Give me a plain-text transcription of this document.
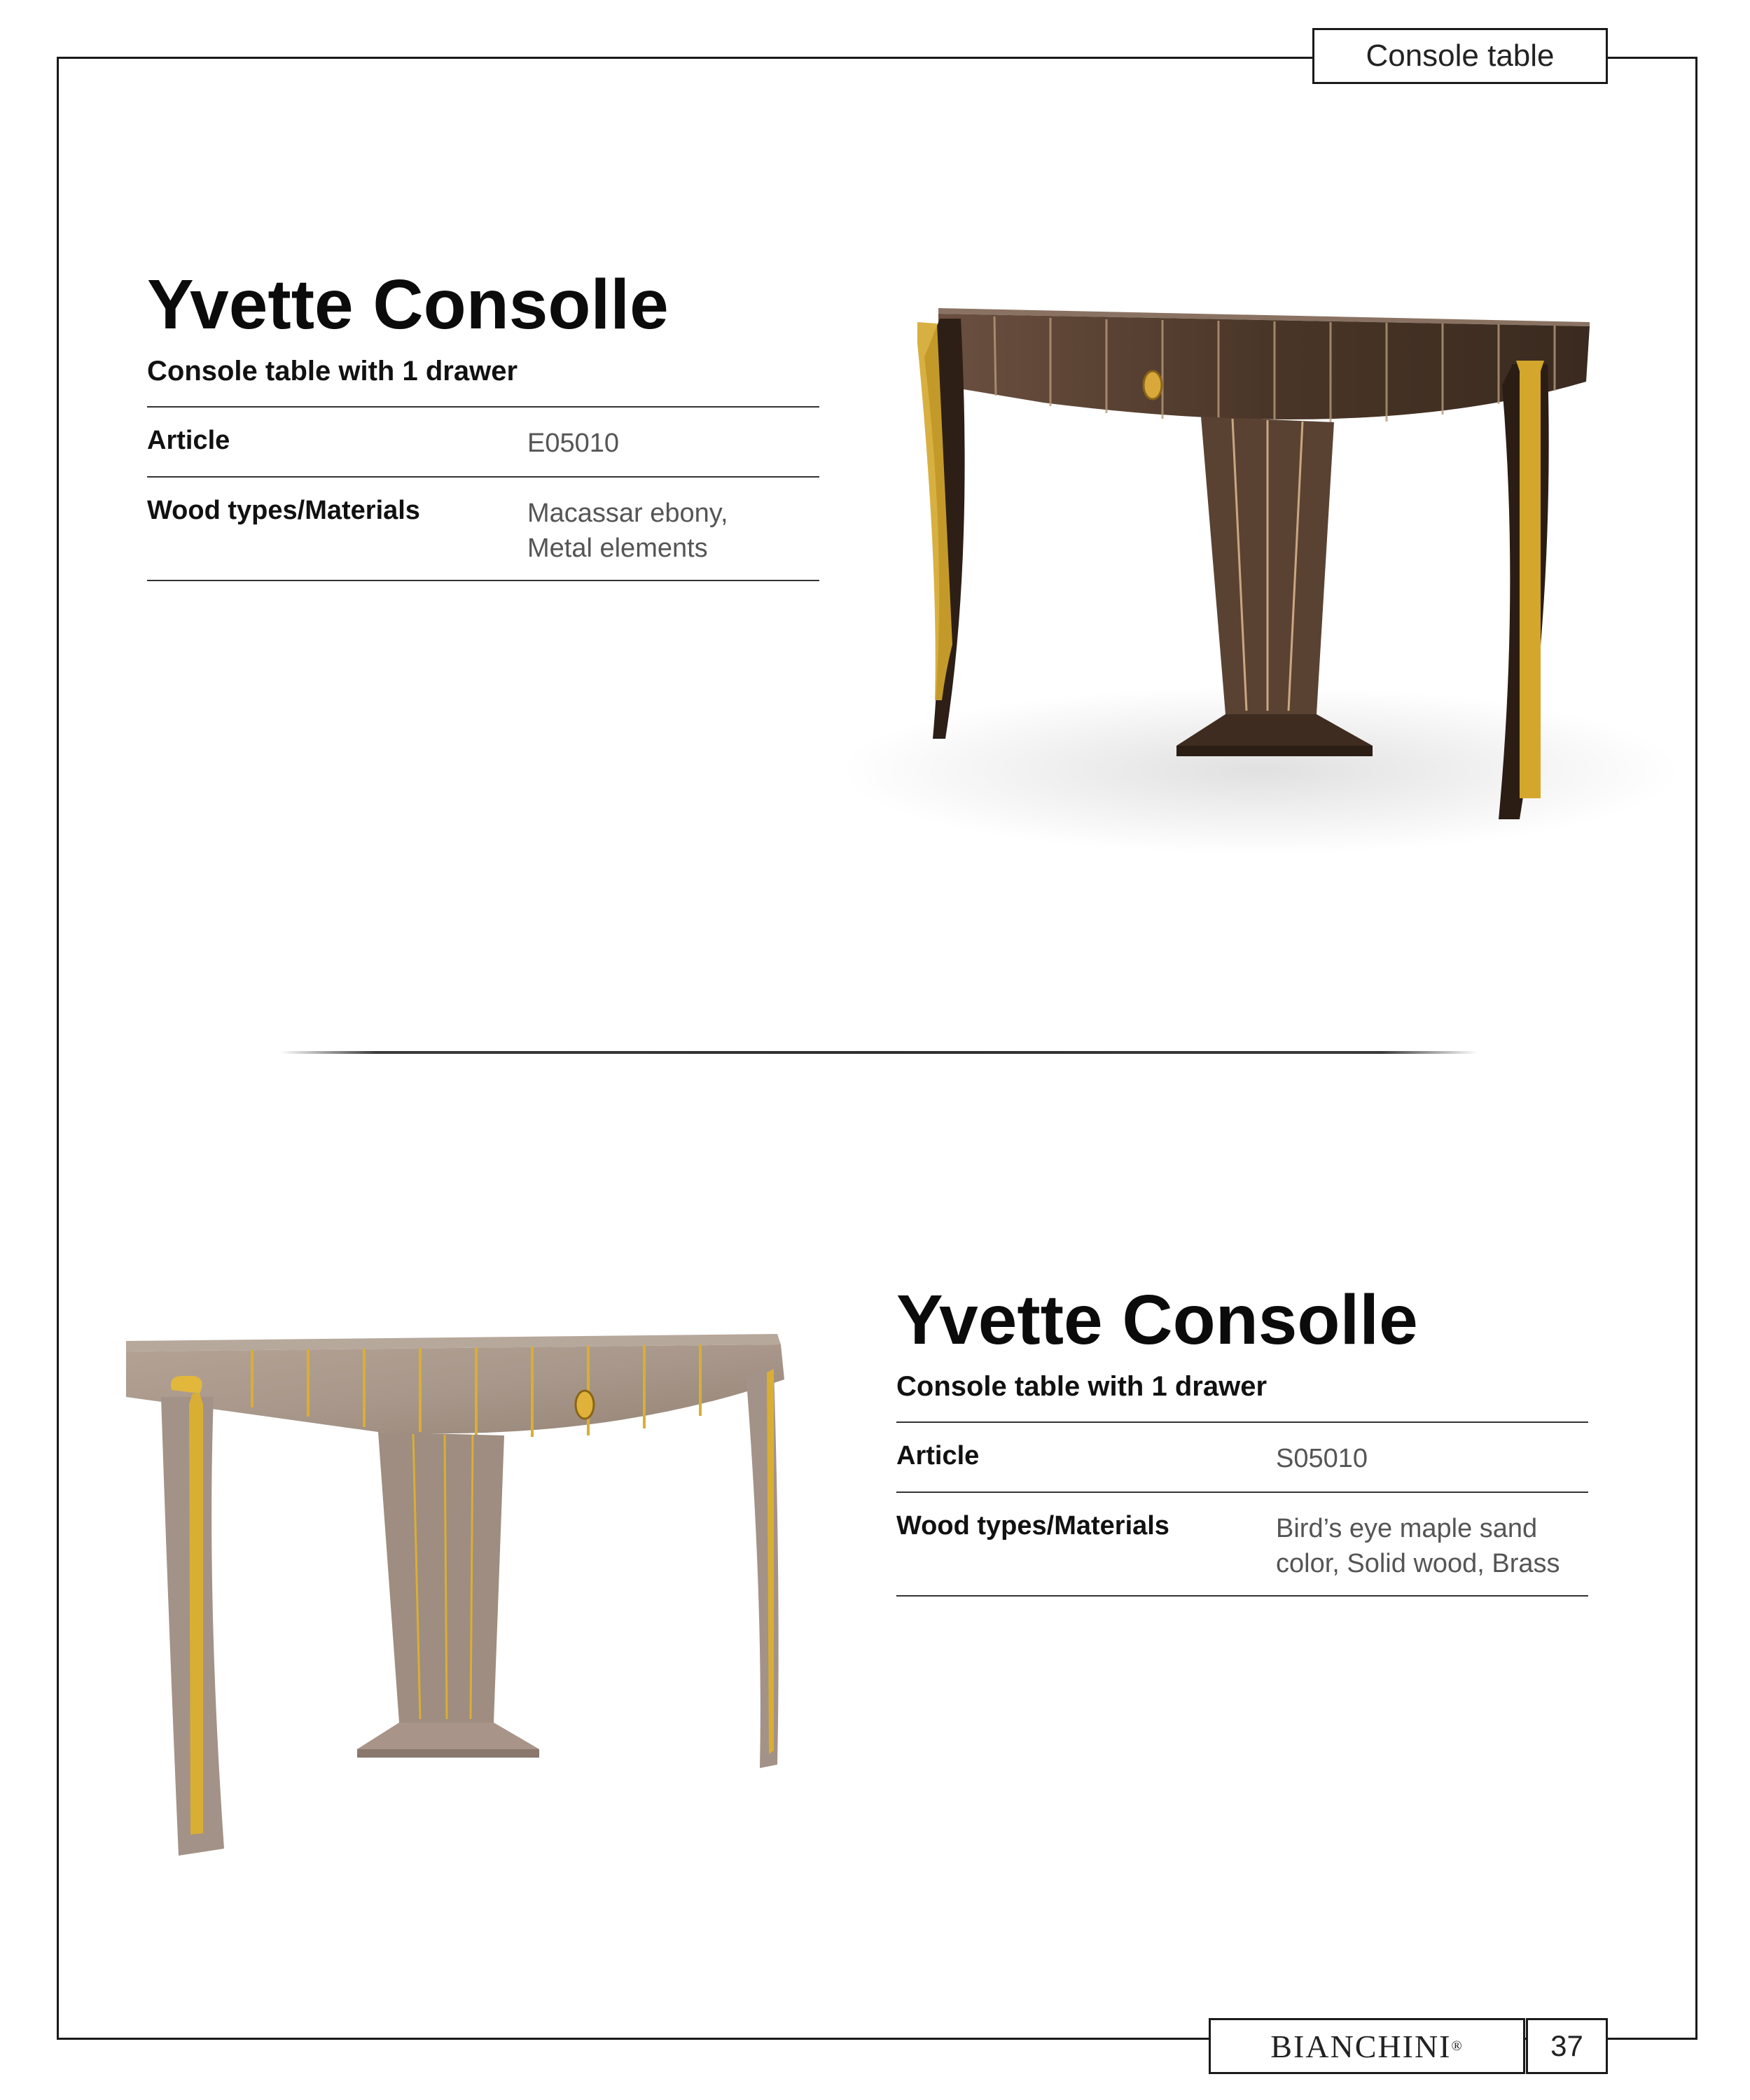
Console table
Yvette Consolle
Console table with 1 drawer
Article	E05010
Wood types/Materials	Macassar ebony,
Metal elements
Yvette Consolle
Console table with 1 drawer
Article	S05010
Wood types/Materials	Bird’s eye maple sand
color, Solid wood, Brass
BIANCHINI ®	37
